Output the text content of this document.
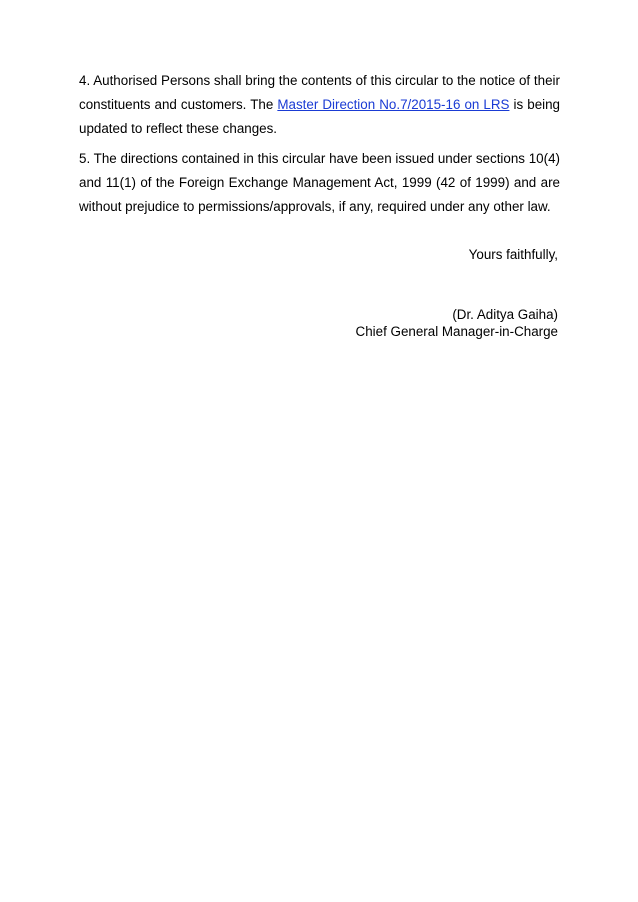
4. Authorised Persons shall bring the contents of this circular to the notice of their constituents and customers. The Master Direction No.7/2015-16 on LRS is being updated to reflect these changes.

5. The directions contained in this circular have been issued under sections 10(4) and 11(1) of the Foreign Exchange Management Act, 1999 (42 of 1999) and are without prejudice to permissions/approvals, if any, required under any other law.

Yours faithfully,
(Dr. Aditya Gaiha)
Chief General Manager-in-Charge
